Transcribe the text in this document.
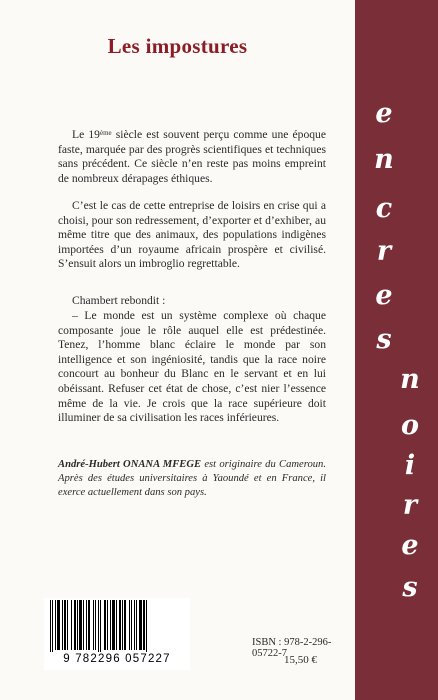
Les impostures

Le 19ème siècle est souvent perçu comme une époque faste, marquée par des progrès scientifiques et techniques sans précédent. Ce siècle n’en reste pas moins empreint de nombreux dérapages éthiques.

C’est le cas de cette entreprise de loisirs en crise qui a choisi, pour son redressement, d’exporter et d’exhiber, au même titre que des animaux, des populations indigènes importées d’un royaume africain prospère et civilisé. S’ensuit alors un imbroglio regrettable.

Chambert rebondit :

– Le monde est un système complexe où chaque composante joue le rôle auquel elle est prédestinée. Tenez, l’homme blanc éclaire le monde par son intelligence et son ingéniosité, tandis que la race noire concourt au bonheur du Blanc en le servant et en lui obéissant. Refuser cet état de chose, c’est nier l’essence même de la vie. Je crois que la race supérieure doit illuminer de sa civilisation les races inférieures.

André-Hubert ONANA MFEGE est originaire du Cameroun. Après des études universitaires à Yaoundé et en France, il exerce actuellement dans son pays.

9 782296 057227
ISBN : 978-2-296-05722-7
15,50 €
e
n
c
r
e
s
n
o
i
r
e
s
